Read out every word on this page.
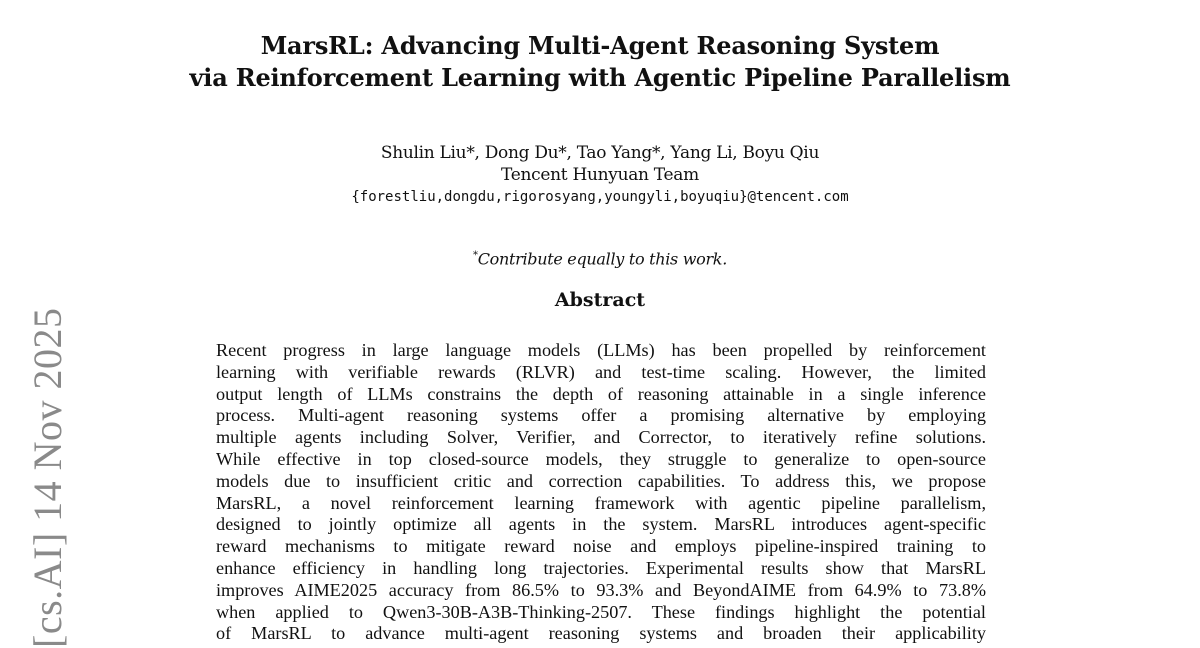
MarsRL: Advancing Multi-Agent Reasoning System
via Reinforcement Learning with Agentic Pipeline Parallelism
Shulin Liu*, Dong Du*, Tao Yang*, Yang Li, Boyu Qiu
Tencent Hunyuan Team
{forestliu,dongdu,rigorosyang,youngyli,boyuqiu}@tencent.com
*Contribute equally to this work.
Abstract
Recent progress in large language models (LLMs) has been propelled by reinforcement
learning with verifiable rewards (RLVR) and test-time scaling. However, the limited
output length of LLMs constrains the depth of reasoning attainable in a single inference
process. Multi-agent reasoning systems offer a promising alternative by employing
multiple agents including Solver, Verifier, and Corrector, to iteratively refine solutions.
While effective in top closed-source models, they struggle to generalize to open-source
models due to insufficient critic and correction capabilities. To address this, we propose
MarsRL, a novel reinforcement learning framework with agentic pipeline parallelism,
designed to jointly optimize all agents in the system. MarsRL introduces agent-specific
reward mechanisms to mitigate reward noise and employs pipeline-inspired training to
enhance efficiency in handling long trajectories. Experimental results show that MarsRL
improves AIME2025 accuracy from 86.5% to 93.3% and BeyondAIME from 64.9% to 73.8%
when applied to Qwen3-30B-A3B-Thinking-2507. These findings highlight the potential
of MarsRL to advance multi-agent reasoning systems and broaden their applicability
[cs.AI] 14 Nov 2025
